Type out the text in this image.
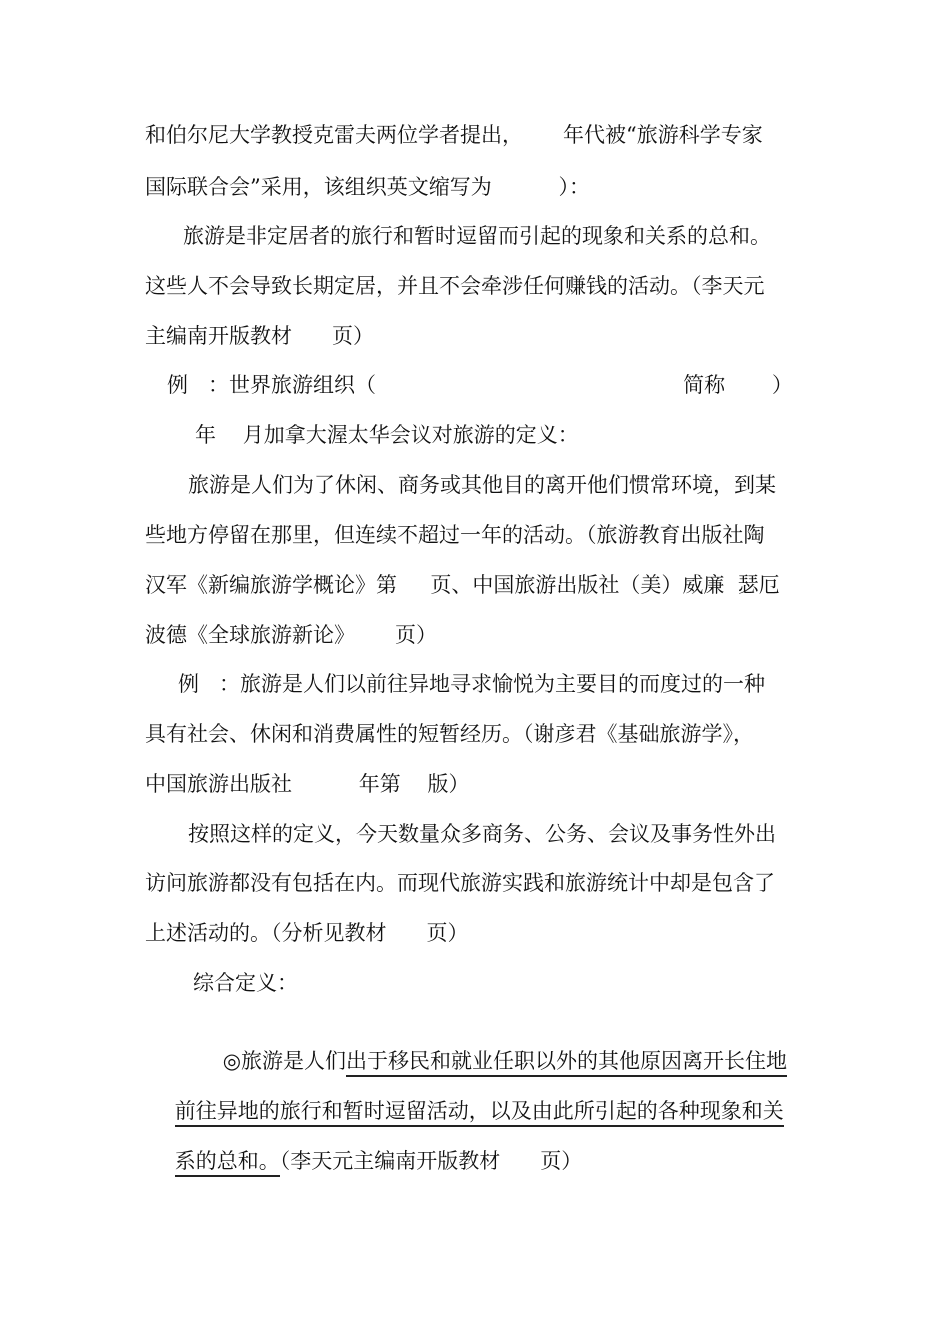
和伯尔尼大学教授克雷夫两位学者提出，      年代被“旅游科学专家
国际联合会”采用，该组织英文缩写为          ）：
旅游是非定居者的旅行和暂时逗留而引起的现象和关系的总和。
这些人不会导致长期定居，并且不会牵涉任何赚钱的活动。（李天元
主编南开版教材      页）
例   ：世界旅游组织（                                              简称       ）
年    月加拿大渥太华会议对旅游的定义：
旅游是人们为了休闲、商务或其他目的离开他们惯常环境，到某
些地方停留在那里，但连续不超过一年的活动。（旅游教育出版社陶
汉军《新编旅游学概论》第     页、中国旅游出版社（美）威廉  瑟厄
波德《全球旅游新论》      页）
例   ：旅游是人们以前往异地寻求愉悦为主要目的而度过的一种
具有社会、休闲和消费属性的短暂经历。（谢彦君《基础旅游学》，
中国旅游出版社          年第    版）
按照这样的定义，今天数量众多商务、公务、会议及事务性外出
访问旅游都没有包括在内。而现代旅游实践和旅游统计中却是包含了
上述活动的。（分析见教材      页）
综合定义：

◎旅游是人们出于移民和就业任职以外的其他原因离开长住地

前往异地的旅行和暂时逗留活动，以及由此所引起的各种现象和关

系的总和。（李天元主编南开版教材      页）
